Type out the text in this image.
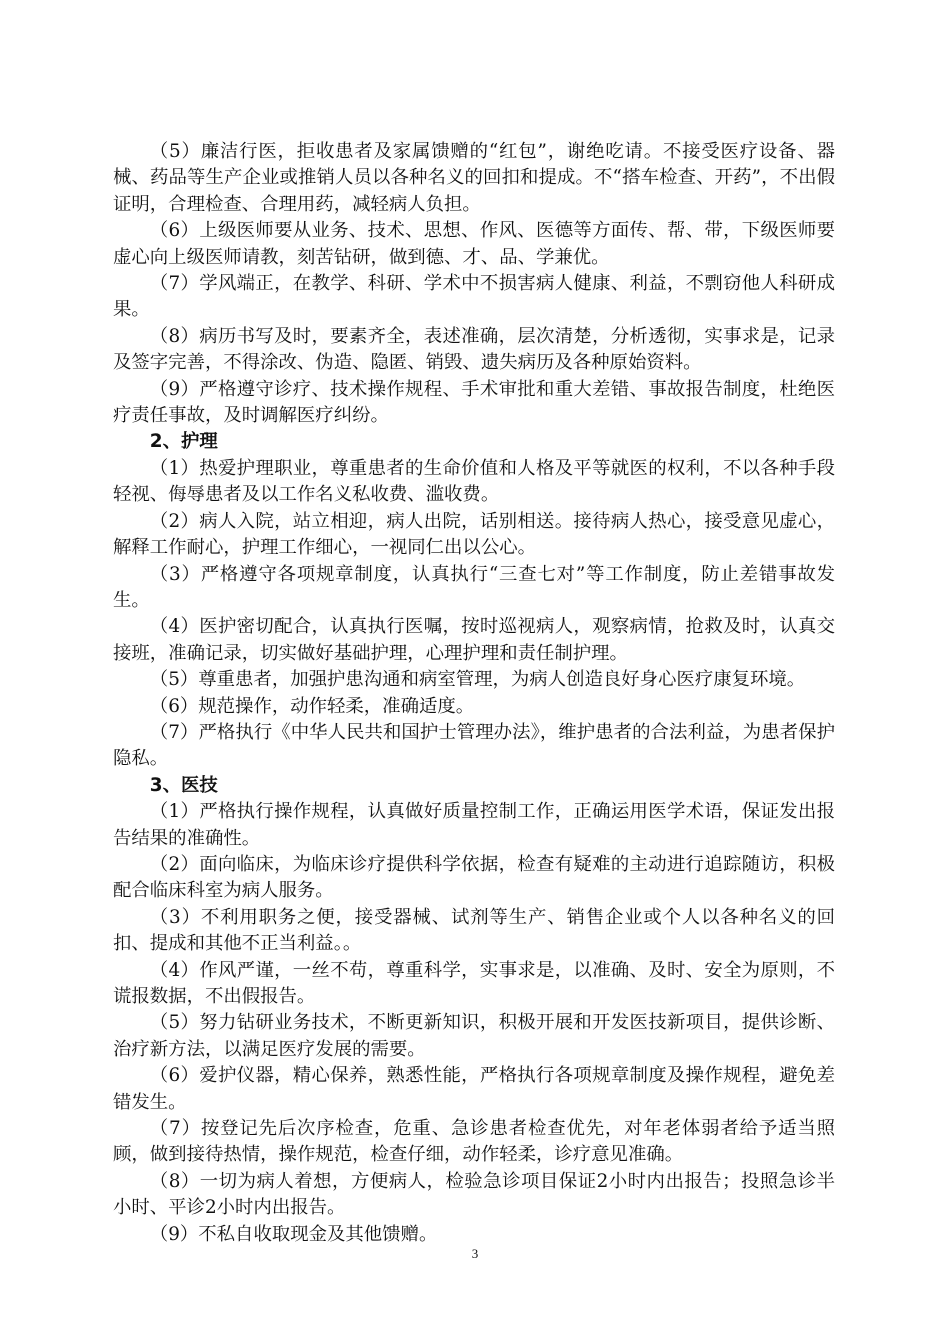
（5）廉洁行医，拒收患者及家属馈赠的“红包”，谢绝吃请。不接受医疗设备、器械、药品等生产企业或推销人员以各种名义的回扣和提成。不“搭车检查、开药”，不出假证明，合理检查、合理用药，减轻病人负担。

（6）上级医师要从业务、技术、思想、作风、医德等方面传、帮、带，下级医师要虚心向上级医师请教，刻苦钻研，做到德、才、品、学兼优。

（7）学风端正，在教学、科研、学术中不损害病人健康、利益，不剽窃他人科研成果。

（8）病历书写及时，要素齐全，表述准确，层次清楚，分析透彻，实事求是，记录及签字完善，不得涂改、伪造、隐匿、销毁、遗失病历及各种原始资料。

（9）严格遵守诊疗、技术操作规程、手术审批和重大差错、事故报告制度，杜绝医疗责任事故，及时调解医疗纠纷。

2、护理

（1）热爱护理职业，尊重患者的生命价值和人格及平等就医的权利，不以各种手段轻视、侮辱患者及以工作名义私收费、滥收费。

（2）病人入院，站立相迎，病人出院，话别相送。接待病人热心，接受意见虚心，解释工作耐心，护理工作细心，一视同仁出以公心。

（3）严格遵守各项规章制度，认真执行“三查七对”等工作制度，防止差错事故发生。

（4）医护密切配合，认真执行医嘱，按时巡视病人，观察病情，抢救及时，认真交接班，准确记录，切实做好基础护理，心理护理和责任制护理。

（5）尊重患者，加强护患沟通和病室管理，为病人创造良好身心医疗康复环境。

（6）规范操作，动作轻柔，准确适度。

（7）严格执行《中华人民共和国护士管理办法》，维护患者的合法利益，为患者保护隐私。

3、医技

（1）严格执行操作规程，认真做好质量控制工作，正确运用医学术语，保证发出报告结果的准确性。

（2）面向临床，为临床诊疗提供科学依据，检查有疑难的主动进行追踪随访，积极配合临床科室为病人服务。

（3）不利用职务之便，接受器械、试剂等生产、销售企业或个人以各种名义的回扣、提成和其他不正当利益。。

（4）作风严谨，一丝不苟，尊重科学，实事求是，以准确、及时、安全为原则，不谎报数据，不出假报告。

（5）努力钻研业务技术，不断更新知识，积极开展和开发医技新项目，提供诊断、治疗新方法，以满足医疗发展的需要。

（6）爱护仪器，精心保养，熟悉性能，严格执行各项规章制度及操作规程，避免差错发生。

（7）按登记先后次序检查，危重、急诊患者检查优先，对年老体弱者给予适当照顾，做到接待热情，操作规范，检查仔细，动作轻柔，诊疗意见准确。

（8）一切为病人着想，方便病人，检验急诊项目保证2小时内出报告；投照急诊半小时、平诊2小时内出报告。

（9）不私自收取现金及其他馈赠。

3
